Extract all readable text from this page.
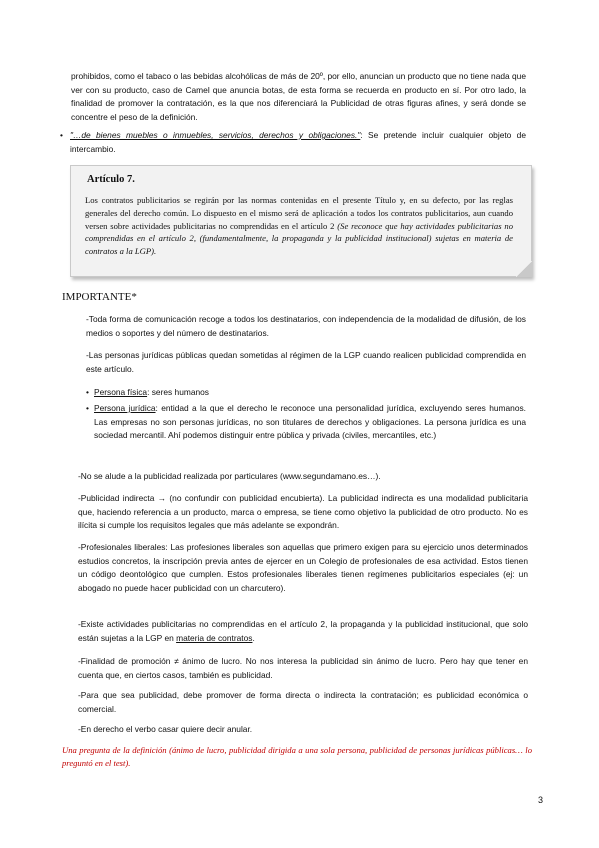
prohibidos, como el tabaco o las bebidas alcohólicas de más de 20º, por ello, anuncian un producto que no tiene nada que ver con su producto, caso de Camel que anuncia botas, de esta forma se recuerda en producto en sí. Por otro lado, la finalidad de promover la contratación, es la que nos diferenciará la Publicidad de otras figuras afines, y será donde se concentre el peso de la definición.

• "…de bienes muebles o inmuebles, servicios, derechos y obligaciones.": Se pretende incluir cualquier objeto de intercambio.

Artículo 7.

Los contratos publicitarios se regirán por las normas contenidas en el presente Título y, en su defecto, por las reglas generales del derecho común. Lo dispuesto en el mismo será de aplicación a todos los contratos publicitarios, aun cuando versen sobre actividades publicitarias no comprendidas en el artículo 2 (Se reconoce que hay actividades publicitarias no comprendidas en el artículo 2, (fundamentalmente, la propaganda y la publicidad institucional) sujetas en materia de contratos a la LGP).

IMPORTANTE*

-Toda forma de comunicación recoge a todos los destinatarios, con independencia de la modalidad de difusión, de los medios o soportes y del número de destinatarios.

-Las personas jurídicas públicas quedan sometidas al régimen de la LGP cuando realicen publicidad comprendida en este artículo.

• Persona física: seres humanos

• Persona jurídica: entidad a la que el derecho le reconoce una personalidad jurídica, excluyendo seres humanos. Las empresas no son personas jurídicas, no son titulares de derechos y obligaciones. La persona jurídica es una sociedad mercantil. Ahí podemos distinguir entre pública y privada (civiles, mercantiles, etc.)

-No se alude a la publicidad realizada por particulares (www.segundamano.es…).

-Publicidad indirecta → (no confundir con publicidad encubierta). La publicidad indirecta es una modalidad publicitaria que, haciendo referencia a un producto, marca o empresa, se tiene como objetivo la publicidad de otro producto. No es ilícita si cumple los requisitos legales que más adelante se expondrán.

-Profesionales liberales: Las profesiones liberales son aquellas que primero exigen para su ejercicio unos determinados estudios concretos, la inscripción previa antes de ejercer en un Colegio de profesionales de esa actividad. Estos tienen un código deontológico que cumplen. Estos profesionales liberales tienen regímenes publicitarios especiales (ej: un abogado no puede hacer publicidad con un charcutero).

-Existe actividades publicitarias no comprendidas en el artículo 2, la propaganda y la publicidad institucional, que solo están sujetas a la LGP en materia de contratos.

-Finalidad de promoción ≠ ánimo de lucro. No nos interesa la publicidad sin ánimo de lucro. Pero hay que tener en cuenta que, en ciertos casos, también es publicidad.

-Para que sea publicidad, debe promover de forma directa o indirecta la contratación; es publicidad económica o comercial.

-En derecho el verbo casar quiere decir anular.

Una pregunta de la definición (ánimo de lucro, publicidad dirigida a una sola persona, publicidad de personas jurídicas públicas… lo preguntó en el test).

3
